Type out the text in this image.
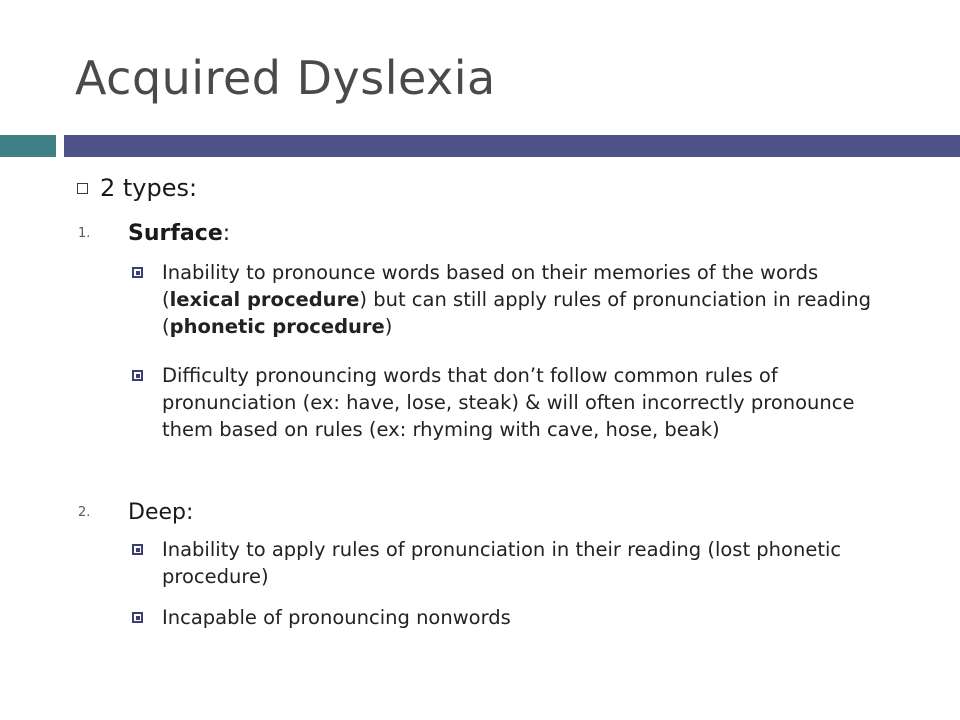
Acquired Dyslexia
2 types:
1. Surface:
Inability to pronounce words based on their memories of the words (lexical procedure) but can still apply rules of pronunciation in reading (phonetic procedure)
Difficulty pronouncing words that don’t follow common rules of pronunciation (ex: have, lose, steak) & will often incorrectly pronounce them based on rules (ex: rhyming with cave, hose, beak)
2. Deep:
Inability to apply rules of pronunciation in their reading (lost phonetic procedure)
Incapable of pronouncing nonwords
